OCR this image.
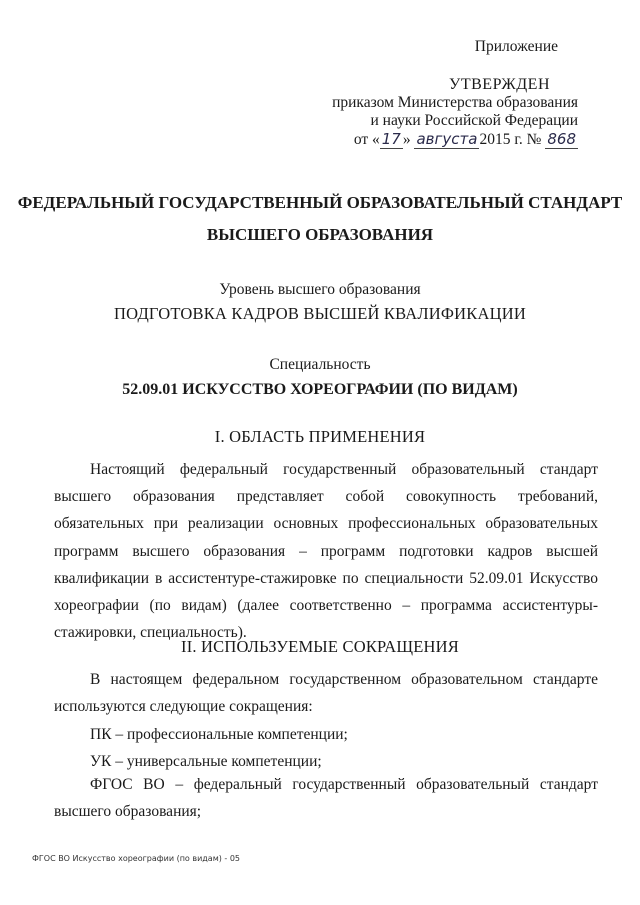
Приложение
УТВЕРЖДЕН
приказом Министерства образования
и науки Российской Федерации
от « 17 » августа 2015 г. № 868
ФЕДЕРАЛЬНЫЙ ГОСУДАРСТВЕННЫЙ ОБРАЗОВАТЕЛЬНЫЙ СТАНДАРТ
ВЫСШЕГО ОБРАЗОВАНИЯ
Уровень высшего образования
ПОДГОТОВКА КАДРОВ ВЫСШЕЙ КВАЛИФИКАЦИИ
Специальность
52.09.01 ИСКУССТВО ХОРЕОГРАФИИ (ПО ВИДАМ)
I. ОБЛАСТЬ ПРИМЕНЕНИЯ
Настоящий федеральный государственный образовательный стандарт высшего образования представляет собой совокупность требований, обязательных при реализации основных профессиональных образовательных программ высшего образования – программ подготовки кадров высшей квалификации в ассистентуре-стажировке по специальности 52.09.01 Искусство хореографии (по видам) (далее соответственно – программа ассистентуры-стажировки, специальность).
II. ИСПОЛЬЗУЕМЫЕ СОКРАЩЕНИЯ
В настоящем федеральном государственном образовательном стандарте используются следующие сокращения:
ПК – профессиональные компетенции;
УК – универсальные компетенции;
ФГОС ВО – федеральный государственный образовательный стандарт высшего образования;
ФГОС ВО Искусство хореографии (по видам) - 05
